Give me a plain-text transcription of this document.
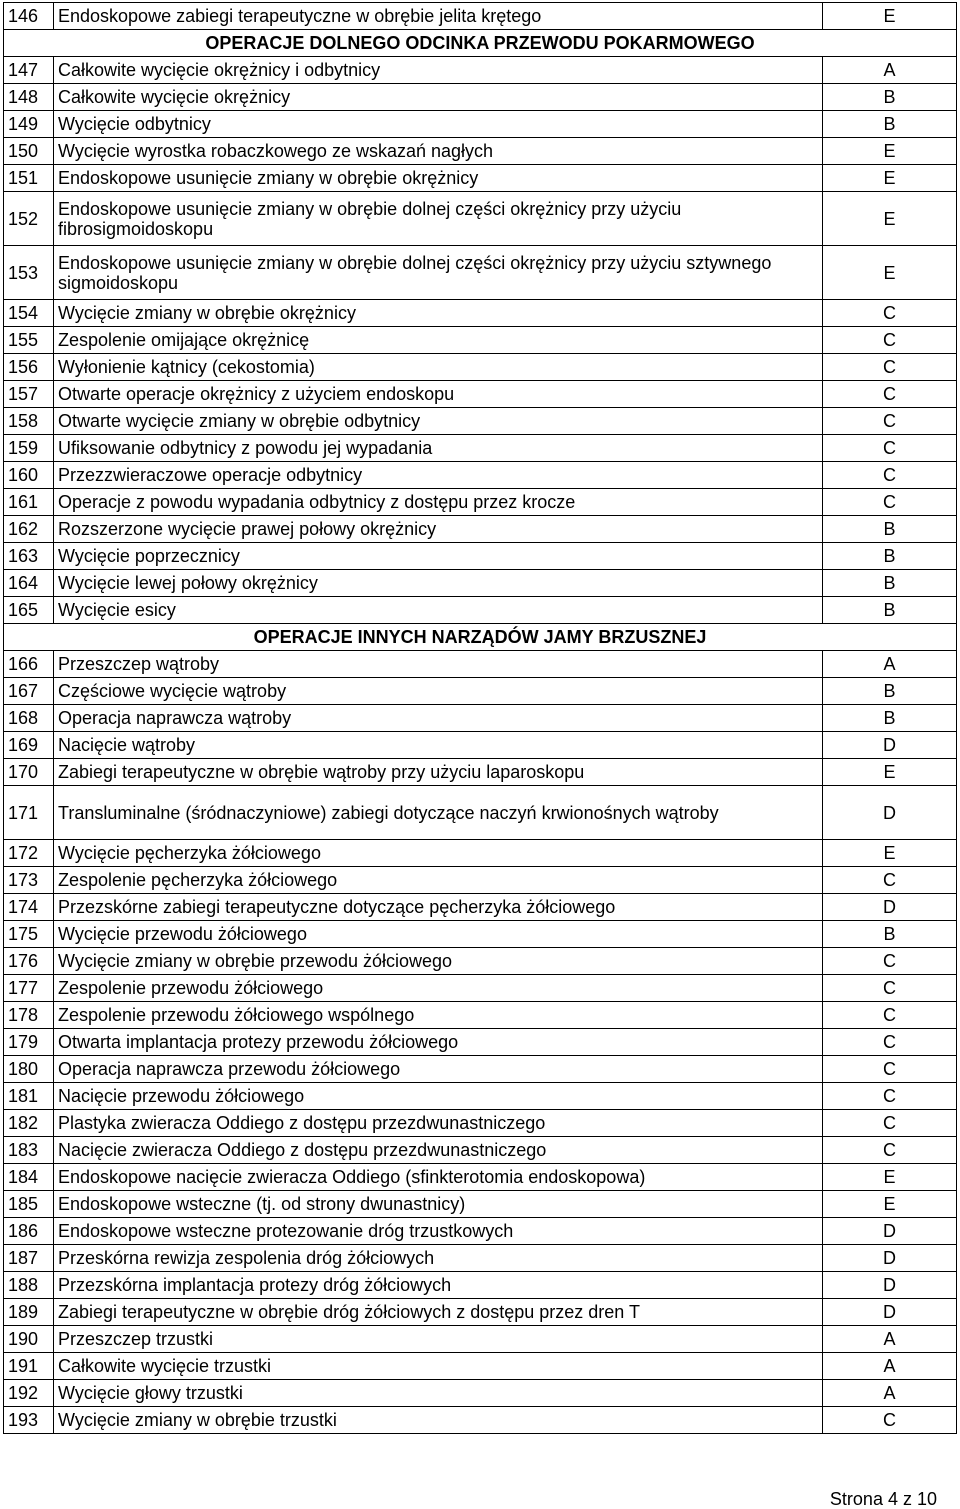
146	Endoskopowe zabiegi terapeutyczne w obrębie jelita krętego	E
OPERACJE DOLNEGO ODCINKA PRZEWODU POKARMOWEGO		
147	Całkowite wycięcie okrężnicy i odbytnicy	A
148	Całkowite wycięcie okrężnicy	B
149	Wycięcie odbytnicy	B
150	Wycięcie wyrostka robaczkowego ze wskazań nagłych	E
151	Endoskopowe usunięcie zmiany w obrębie okrężnicy	E
152	Endoskopowe usunięcie zmiany w obrębie dolnej części okrężnicy przy użyciu fibrosigmoidoskopu	E
153	Endoskopowe usunięcie zmiany w obrębie dolnej części okrężnicy przy użyciu sztywnego sigmoidoskopu	E
154	Wycięcie zmiany w obrębie okrężnicy	C
155	Zespolenie omijające okrężnicę	C
156	Wyłonienie kątnicy (cekostomia)	C
157	Otwarte operacje okrężnicy z użyciem endoskopu	C
158	Otwarte wycięcie zmiany w obrębie odbytnicy	C
159	Ufiksowanie odbytnicy z powodu jej wypadania	C
160	Przezzwieraczowe operacje odbytnicy	C
161	Operacje z powodu wypadania odbytnicy z dostępu przez krocze	C
162	Rozszerzone wycięcie prawej połowy okrężnicy	B
163	Wycięcie poprzecznicy	B
164	Wycięcie lewej połowy okrężnicy	B
165	Wycięcie esicy	B
OPERACJE INNYCH NARZĄDÓW JAMY BRZUSZNEJ		
166	Przeszczep wątroby	A
167	Częściowe wycięcie wątroby	B
168	Operacja naprawcza wątroby	B
169	Nacięcie wątroby	D
170	Zabiegi terapeutyczne w obrębie wątroby przy użyciu laparoskopu	E
171	Transluminalne (śródnaczyniowe) zabiegi dotyczące naczyń krwionośnych wątroby	D
172	Wycięcie pęcherzyka żółciowego	E
173	Zespolenie pęcherzyka żółciowego	C
174	Przezskórne zabiegi terapeutyczne dotyczące pęcherzyka żółciowego	D
175	Wycięcie przewodu żółciowego	B
176	Wycięcie zmiany w obrębie przewodu żółciowego	C
177	Zespolenie przewodu żółciowego	C
178	Zespolenie przewodu żółciowego wspólnego	C
179	Otwarta implantacja protezy przewodu żółciowego	C
180	Operacja naprawcza przewodu żółciowego	C
181	Nacięcie przewodu żółciowego	C
182	Plastyka zwieracza Oddiego z dostępu przezdwunastniczego	C
183	Nacięcie zwieracza Oddiego z dostępu przezdwunastniczego	C
184	Endoskopowe nacięcie zwieracza Oddiego (sfinkterotomia endoskopowa)	E
185	Endoskopowe wsteczne (tj. od strony dwunastnicy)	E
186	Endoskopowe wsteczne protezowanie dróg trzustkowych	D
187	Przeskórna rewizja zespolenia dróg żółciowych	D
188	Przezskórna implantacja protezy dróg żółciowych	D
189	Zabiegi terapeutyczne w obrębie dróg żółciowych z dostępu przez dren T	D
190	Przeszczep trzustki	A
191	Całkowite wycięcie trzustki	A
192	Wycięcie głowy trzustki	A
193	Wycięcie zmiany w obrębie trzustki	C
Strona 4 z 10
